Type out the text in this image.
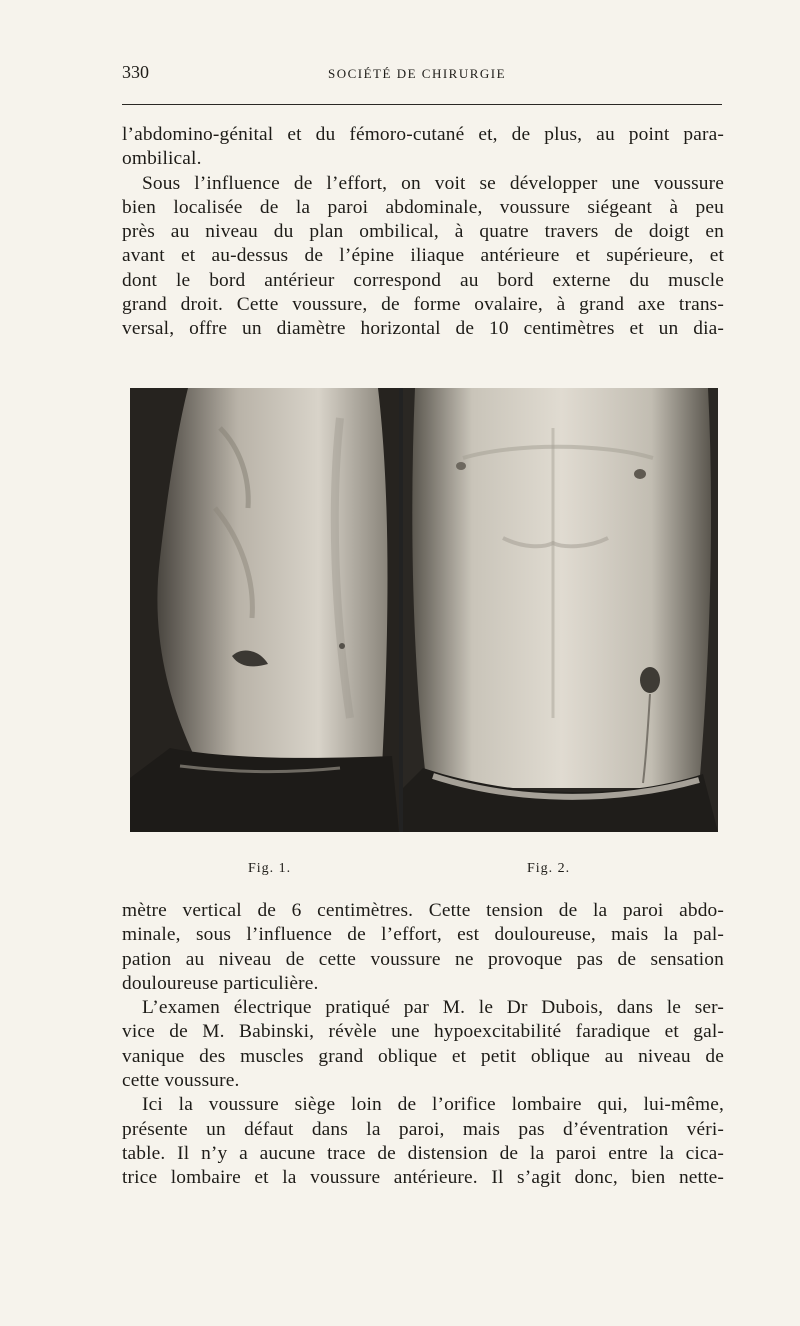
330	SOCIÉTÉ DE CHIRURGIE

l’abdomino-génital et du fémoro-cutané et, de plus, au point para-
ombilical.
Sous l’influence de l’effort, on voit se développer une voussure
bien localisée de la paroi abdominale, voussure siégeant à peu
près au niveau du plan ombilical, à quatre travers de doigt en
avant et au-dessus de l’épine iliaque antérieure et supérieure, et
dont le bord antérieur correspond au bord externe du muscle
grand droit. Cette voussure, de forme ovalaire, à grand axe trans-
versal, offre un diamètre horizontal de 10 centimètres et un dia-

Fig. 1.	Fig. 2.

mètre vertical de 6 centimètres. Cette tension de la paroi abdo-
minale, sous l’influence de l’effort, est douloureuse, mais la pal-
pation au niveau de cette voussure ne provoque pas de sensation
douloureuse particulière.
L’examen électrique pratiqué par M. le Dr Dubois, dans le ser-
vice de M. Babinski, révèle une hypoexcitabilité faradique et gal-
vanique des muscles grand oblique et petit oblique au niveau de
cette voussure.
Ici la voussure siège loin de l’orifice lombaire qui, lui-même,
présente un défaut dans la paroi, mais pas d’éventration véri-
table. Il n’y a aucune trace de distension de la paroi entre la cica-
trice lombaire et la voussure antérieure. Il s’agit donc, bien nette-
